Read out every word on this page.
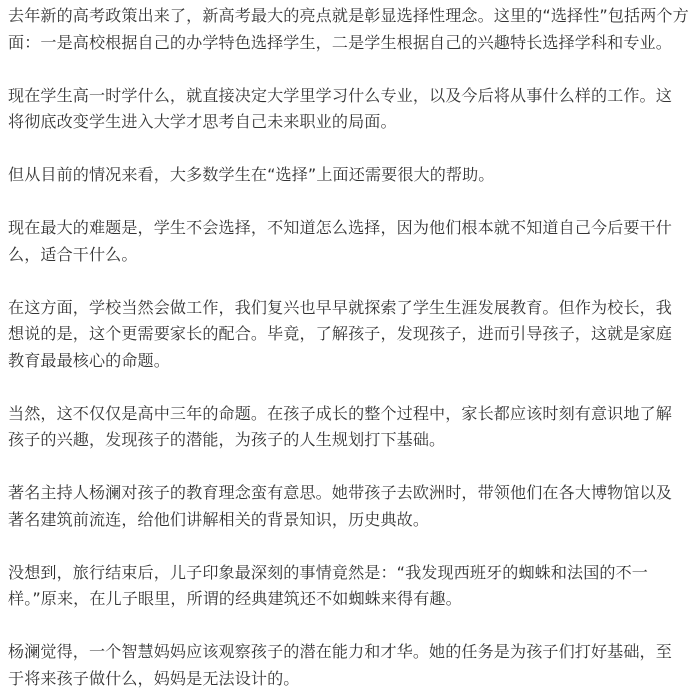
去年新的高考政策出来了，新高考最大的亮点就是彰显选择性理念。这里的“选择性”包括两个方
面：一是高校根据自己的办学特色选择学生，二是学生根据自己的兴趣特长选择学科和专业。

现在学生高一时学什么，就直接决定大学里学习什么专业，以及今后将从事什么样的工作。这
将彻底改变学生进入大学才思考自己未来职业的局面。

但从目前的情况来看，大多数学生在“选择”上面还需要很大的帮助。

现在最大的难题是，学生不会选择，不知道怎么选择，因为他们根本就不知道自己今后要干什
么，适合干什么。

在这方面，学校当然会做工作，我们复兴也早早就探索了学生生涯发展教育。但作为校长，我
想说的是，这个更需要家长的配合。毕竟，了解孩子，发现孩子，进而引导孩子，这就是家庭
教育最最核心的命题。

当然，这不仅仅是高中三年的命题。在孩子成长的整个过程中，家长都应该时刻有意识地了解
孩子的兴趣，发现孩子的潜能，为孩子的人生规划打下基础。

著名主持人杨澜对孩子的教育理念蛮有意思。她带孩子去欧洲时，带领他们在各大博物馆以及
著名建筑前流连，给他们讲解相关的背景知识，历史典故。

没想到，旅行结束后，儿子印象最深刻的事情竟然是：“我发现西班牙的蜘蛛和法国的不一
样。”原来，在儿子眼里，所谓的经典建筑还不如蜘蛛来得有趣。

杨澜觉得，一个智慧妈妈应该观察孩子的潜在能力和才华。她的任务是为孩子们打好基础，至
于将来孩子做什么，妈妈是无法设计的。
